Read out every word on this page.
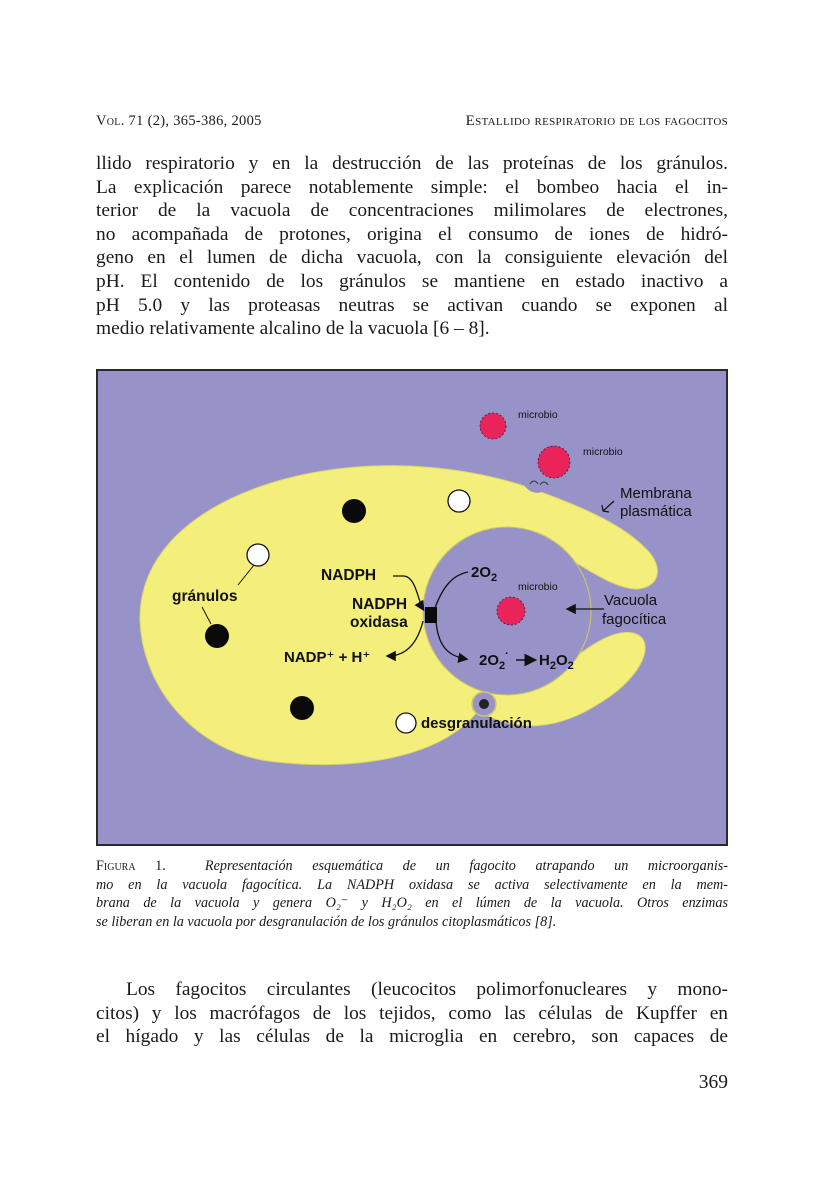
Vol. 71 (2), 365-386, 2005	Estallido respiratorio de los fagocitos
llido respiratorio y en la destrucción de las proteínas de los gránulos.
La explicación parece notablemente simple: el bombeo hacia el in-
terior de la vacuola de concentraciones milimolares de electrones,
no acompañada de protones, origina el consumo de iones de hidró-
geno en el lumen de dicha vacuola, con la consiguiente elevación del
pH. El contenido de los gránulos se mantiene en estado inactivo a
pH 5.0 y las proteasas neutras se activan cuando se exponen al
medio relativamente alcalino de la vacuola [6 – 8].
microbio
microbio
microbio
Membrana
plasmática
gránulos
NADPH
NADPH
oxidasa
NADP⁺ + H⁺
$2O_2$
$2O_2^\cdot$ $H_2O_2$
Vacuola
fagocítica
desgranulación
Figura 1.	Representación esquemática de un fagocito atrapando un microorganis-
mo en la vacuola fagocítica. La NADPH oxidasa se activa selectivamente en la mem-
brana de la vacuola y genera O₂⁻ y H₂O₂ en el lúmen de la vacuola. Otros enzimas
se liberan en la vacuola por desgranulación de los gránulos citoplasmáticos [8].
Los fagocitos circulantes (leucocitos polimorfonucleares y mono-
citos) y los macrófagos de los tejidos, como las células de Kupffer en
el hígado y las células de la microglia en cerebro, son capaces de
369
